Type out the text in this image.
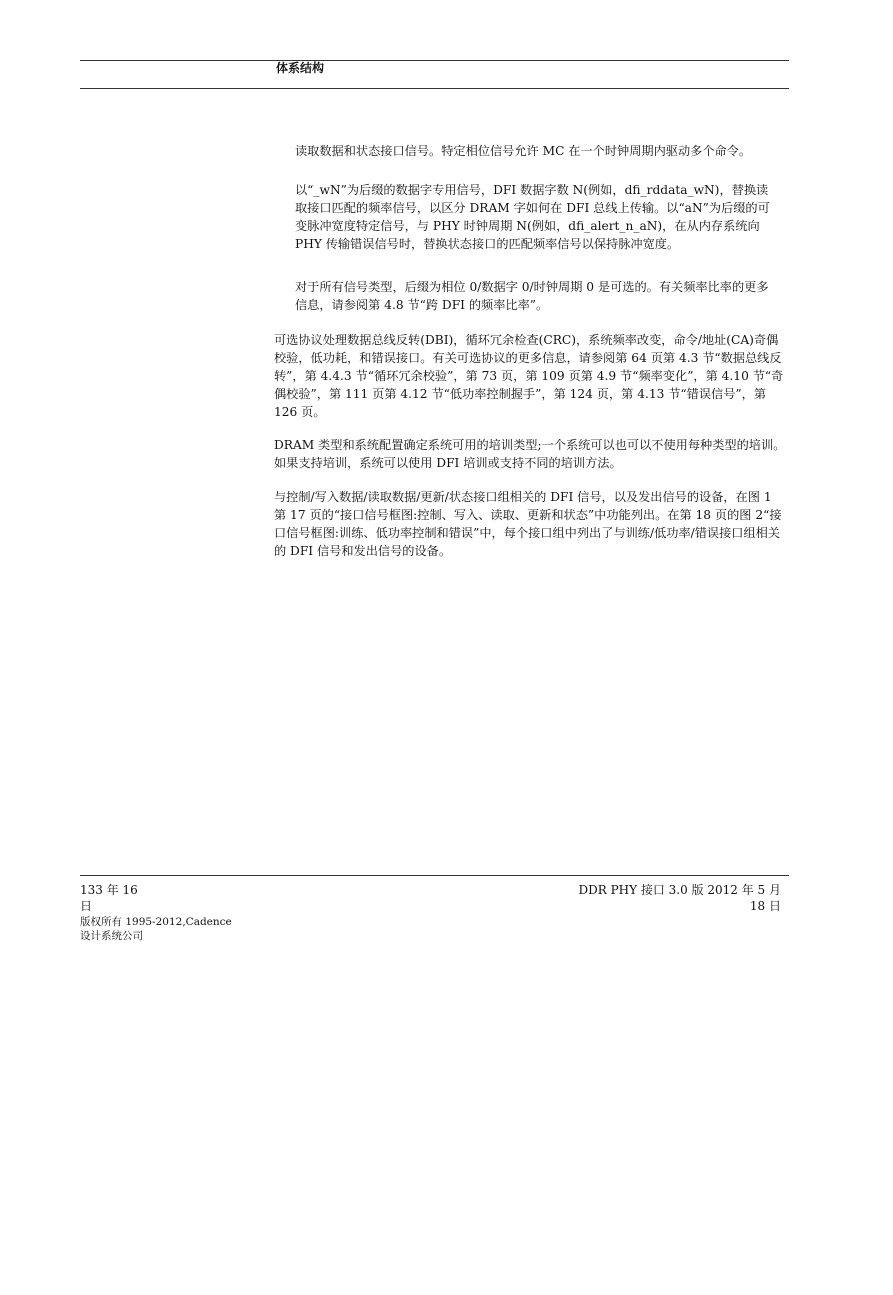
体系结构

读取数据和状态接口信号。特定相位信号允许 MC 在一个时钟周期内驱动多个命令。

以“_wN”为后缀的数据字专用信号，DFI 数据字数 N(例如，dfi_rddata_wN)，替换读取接口匹配的频率信号，以区分 DRAM 字如何在 DFI 总线上传输。以“aN”为后缀的可变脉冲宽度特定信号，与 PHY 时钟周期 N(例如，dfi_alert_n_aN)，在从内存系统向 PHY 传输错误信号时，替换状态接口的匹配频率信号以保持脉冲宽度。

对于所有信号类型，后缀为相位 0/数据字 0/时钟周期 0 是可选的。有关频率比率的更多信息，请参阅第 4.8 节“跨 DFI 的频率比率”。

可选协议处理数据总线反转(DBI)，循环冗余检查(CRC)，系统频率改变，命令/地址(CA)奇偶校验，低功耗，和错误接口。有关可选协议的更多信息，请参阅第 64 页第 4.3 节“数据总线反转”，第 4.4.3 节“循环冗余校验”，第 73 页，第 109 页第 4.9 节“频率变化”，第 4.10 节“奇偶校验”，第 111 页第 4.12 节“低功率控制握手”，第 124 页，第 4.13 节“错误信号”，第 126 页。

DRAM 类型和系统配置确定系统可用的培训类型;一个系统可以也可以不使用每种类型的培训。如果支持培训，系统可以使用 DFI 培训或支持不同的培训方法。

与控制/写入数据/读取数据/更新/状态接口组相关的 DFI 信号，以及发出信号的设备，在图 1 第 17 页的“接口信号框图:控制、写入、读取、更新和状态”中功能列出。在第 18 页的图 2“接口信号框图:训练、低功率控制和错误”中，每个接口组中列出了与训练/低功率/错误接口组相关的 DFI 信号和发出信号的设备。

133 年 16
日
版权所有 1995-2012,Cadence
设计系统公司
DDR PHY 接口 3.0 版 2012 年 5 月
18 日
